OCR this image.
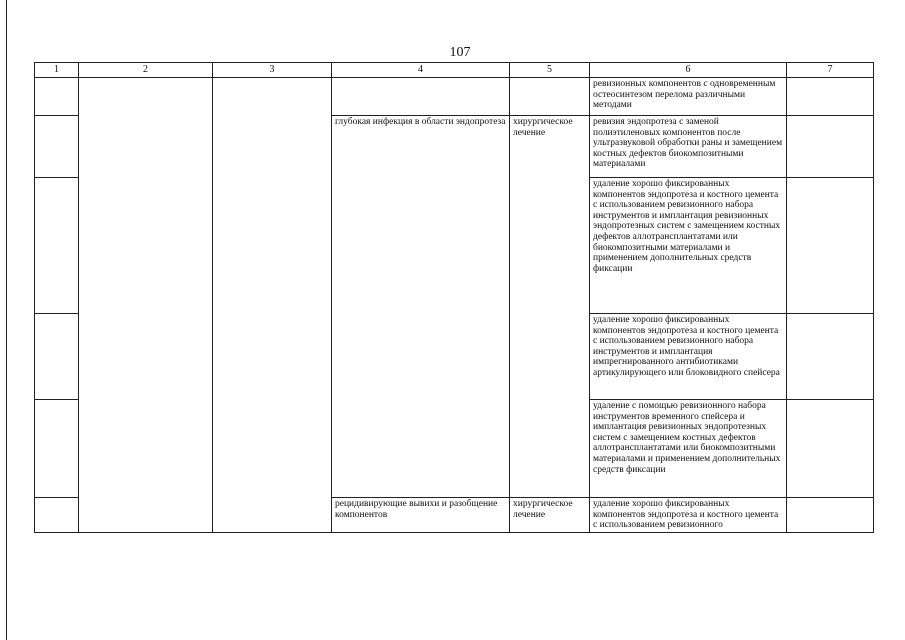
107
1	2	3	4	5	6	7
					ревизионных компонентов с одновременным остеосинтезом перелома различными методами	
			глубокая инфекция в области эндопротеза	хирургическое лечение	ревизия эндопротеза с заменой полиэтиленовых компонентов после ультразвуковой обработки раны и замещением костных дефектов биокомпозитными материалами	
					удаление хорошо фиксированных компонентов эндопротеза и костного цемента с использованием ревизионного набора инструментов и имплантация ревизионных эндопротезных систем с замещением костных дефектов аллотрансплантатами или биокомпозитными материалами и применением дополнительных средств фиксации	
					удаление хорошо фиксированных компонентов эндопротеза и костного цемента с использованием ревизионного набора инструментов и имплантация импрегнированного антибиотиками артикулирующего или блоковидного спейсера	
					удаление с помощью ревизионного набора инструментов временного спейсера и имплантация ревизионных эндопротезных систем с замещением костных дефектов аллотрансплантатами или биокомпозитными материалами и применением дополнительных средств фиксации	
			рецидивирующие вывихи и разобщение компонентов	хирургическое лечение	удаление хорошо фиксированных компонентов эндопротеза и костного цемента с использованием ревизионного	
